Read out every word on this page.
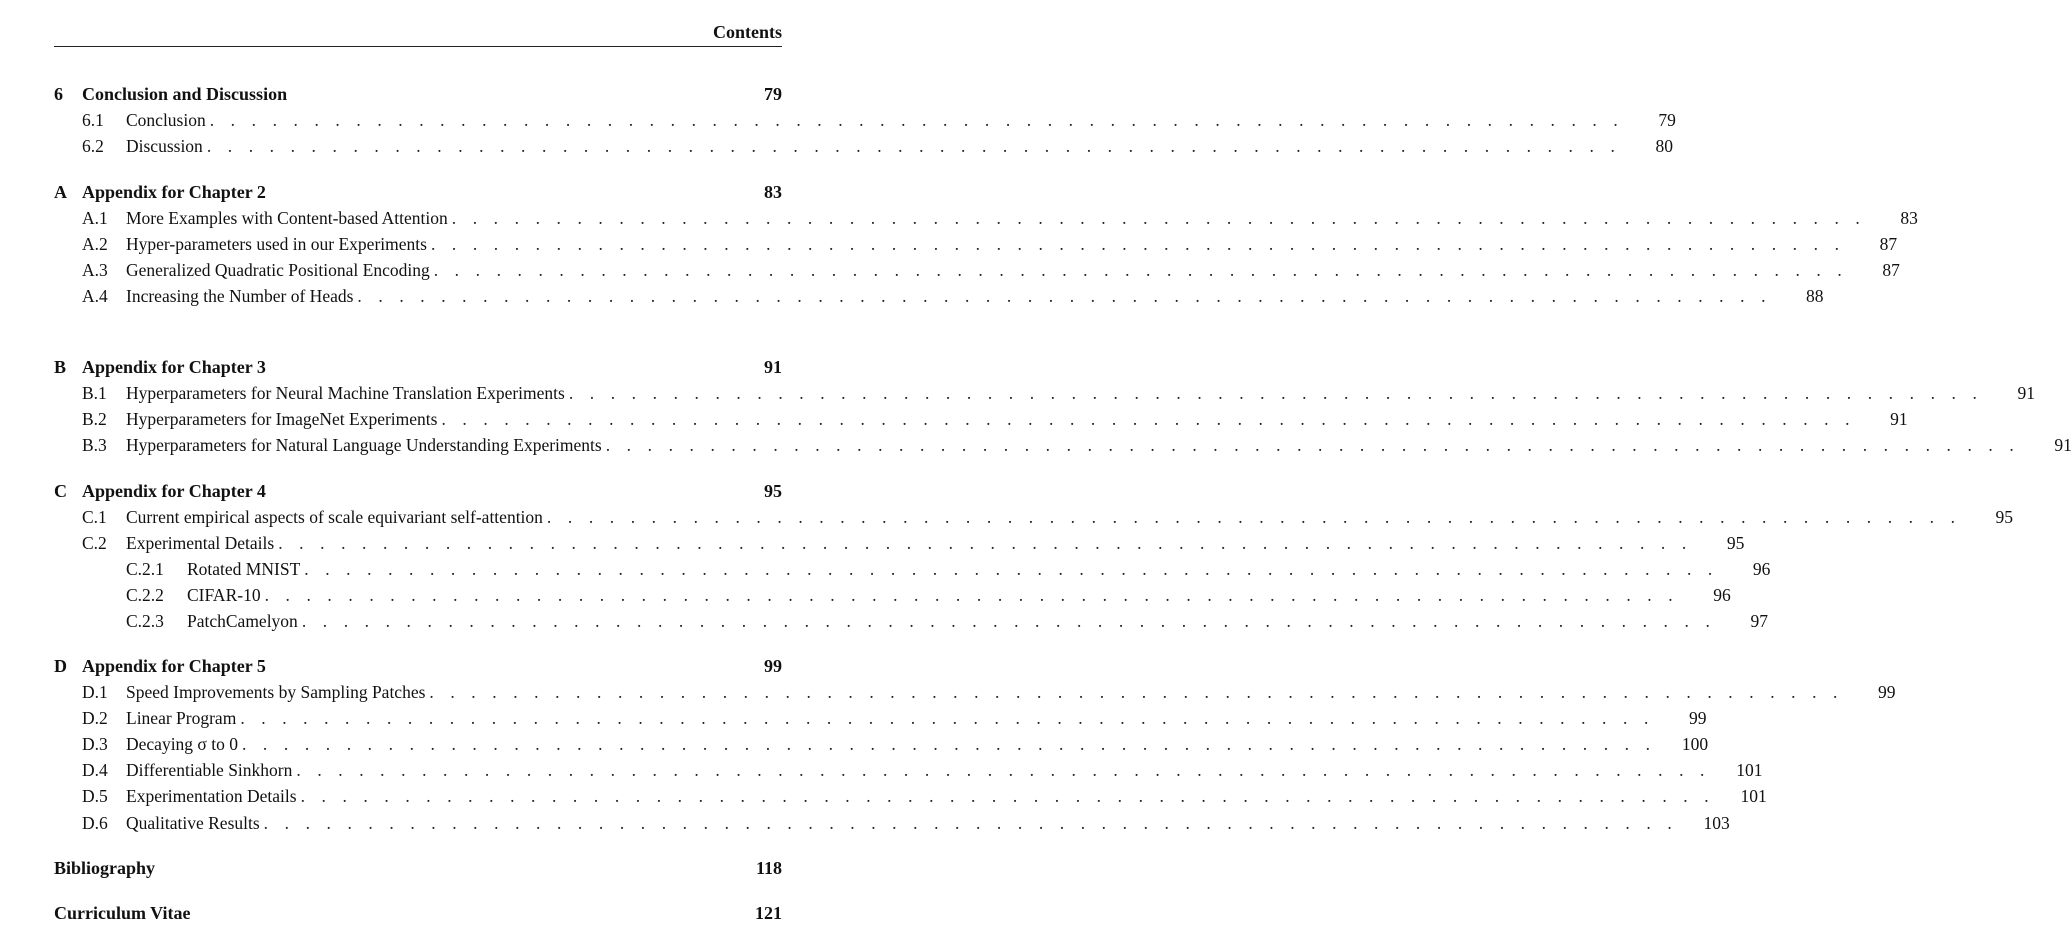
Contents
6 Conclusion and Discussion	79
6.1	Conclusion . . . . . . . . . . . . . . . . . . . . . . . . . . . . . . . . . . . . . . . . . . . . . . . . . . . . . . . . . . . . . . . . . . . .	79
6.2	Discussion . . . . . . . . . . . . . . . . . . . . . . . . . . . . . . . . . . . . . . . . . . . . . . . . . . . . . . . . . . . . . . . . . . . .	80
A Appendix for Chapter 2	83
A.1	More Examples with Content-based Attention . . . . . . . . . . . . . . . . . . . . . . . . . . . . . . . . . . . . . . . . . . . . . . . . . . . . . . . . . . . . . . . . . . . .	83
A.2	Hyper-parameters used in our Experiments . . . . . . . . . . . . . . . . . . . . . . . . . . . . . . . . . . . . . . . . . . . . . . . . . . . . . . . . . . . . . . . . . . . .	87
A.3	Generalized Quadratic Positional Encoding . . . . . . . . . . . . . . . . . . . . . . . . . . . . . . . . . . . . . . . . . . . . . . . . . . . . . . . . . . . . . . . . . . . .	87
A.4	Increasing the Number of Heads . . . . . . . . . . . . . . . . . . . . . . . . . . . . . . . . . . . . . . . . . . . . . . . . . . . . . . . . . . . . . . . . . . . .	88
B Appendix for Chapter 3	91
B.1	Hyperparameters for Neural Machine Translation Experiments . . . . . . . . . . . . . . . . . . . . . . . . . . . . . . . . . . . . . . . . . . . . . . . . . . . . . . . . . . . . . . . . . . . .	91
B.2	Hyperparameters for ImageNet Experiments . . . . . . . . . . . . . . . . . . . . . . . . . . . . . . . . . . . . . . . . . . . . . . . . . . . . . . . . . . . . . . . . . . . .	91
B.3	Hyperparameters for Natural Language Understanding Experiments . . . . . . . . . . . . . . . . . . . . . . . . . . . . . . . . . . . . . . . . . . . . . . . . . . . . . . . . . . . . . . . . . . . .	91
C Appendix for Chapter 4	95
C.1	Current empirical aspects of scale equivariant self-attention . . . . . . . . . . . . . . . . . . . . . . . . . . . . . . . . . . . . . . . . . . . . . . . . . . . . . . . . . . . . . . . . . . . .	95
C.2	Experimental Details . . . . . . . . . . . . . . . . . . . . . . . . . . . . . . . . . . . . . . . . . . . . . . . . . . . . . . . . . . . . . . . . . . . .	95
C.2.1	Rotated MNIST . . . . . . . . . . . . . . . . . . . . . . . . . . . . . . . . . . . . . . . . . . . . . . . . . . . . . . . . . . . . . . . . . . . .	96
C.2.2	CIFAR-10 . . . . . . . . . . . . . . . . . . . . . . . . . . . . . . . . . . . . . . . . . . . . . . . . . . . . . . . . . . . . . . . . . . . .	96
C.2.3	PatchCamelyon . . . . . . . . . . . . . . . . . . . . . . . . . . . . . . . . . . . . . . . . . . . . . . . . . . . . . . . . . . . . . . . . . . . .	97
D Appendix for Chapter 5	99
D.1	Speed Improvements by Sampling Patches . . . . . . . . . . . . . . . . . . . . . . . . . . . . . . . . . . . . . . . . . . . . . . . . . . . . . . . . . . . . . . . . . . . .	99
D.2	Linear Program . . . . . . . . . . . . . . . . . . . . . . . . . . . . . . . . . . . . . . . . . . . . . . . . . . . . . . . . . . . . . . . . . . . .	99
D.3	Decaying σ to 0 . . . . . . . . . . . . . . . . . . . . . . . . . . . . . . . . . . . . . . . . . . . . . . . . . . . . . . . . . . . . . . . . . . . . 100
D.4	Differentiable Sinkhorn . . . . . . . . . . . . . . . . . . . . . . . . . . . . . . . . . . . . . . . . . . . . . . . . . . . . . . . . . . . . . . . . . . . . 101
D.5	Experimentation Details . . . . . . . . . . . . . . . . . . . . . . . . . . . . . . . . . . . . . . . . . . . . . . . . . . . . . . . . . . . . . . . . . . . . 101
D.6	Qualitative Results . . . . . . . . . . . . . . . . . . . . . . . . . . . . . . . . . . . . . . . . . . . . . . . . . . . . . . . . . . . . . . . . . . . . 103
Bibliography	118
Curriculum Vitae	121
